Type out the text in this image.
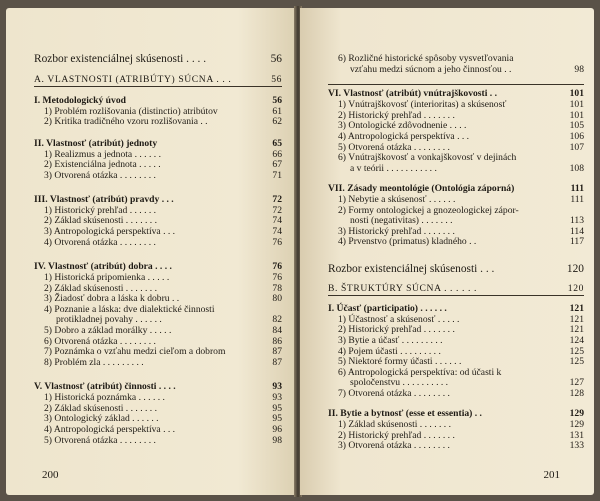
Rozbor existenciálnej skúsenosti . . . .	56
A. VLASTNOSTI (ATRIBÚTY) SÚCNA . . .	56
I. Metodologický úvod	56
1) Problém rozlišovania (distinctio) atribútov	61
2) Kritika tradičného vzoru rozlišovania . .	62
II. Vlastnosť (atribút) jednoty	65
1) Realizmus a jednota . . . . . .	66
2) Existenciálna jednota . . . . .	67
3) Otvorená otázka . . . . . . . .	71
III. Vlastnosť (atribút) pravdy . . .	72
1) Historický prehľad . . . . . .	72
2) Základ skúsenosti . . . . . . .	74
3) Antropologická perspektíva . . .	74
4) Otvorená otázka . . . . . . . .	76
IV. Vlastnosť (atribút) dobra . . . .	76
1) Historická pripomienka . . . . .	76
2) Základ skúsenosti . . . . . . .	78
3) Žiadosť dobra a láska k dobru . .	80
4) Poznanie a láska: dve dialektické činnosti
protikladnej povahy . . . . . .	82
5) Dobro a základ morálky . . . . .	84
6) Otvorená otázka . . . . . . . .	86
7) Poznámka o vzťahu medzi cieľom a dobrom	87
8) Problém zla . . . . . . . . .	87
V. Vlastnosť (atribút) činnosti . . . .	93
1) Historická poznámka . . . . . .	93
2) Základ skúsenosti . . . . . . .	95
3) Ontologický základ . . . . . .	95
4) Antropologická perspektíva . . .	96
5) Otvorená otázka . . . . . . . .	98
200
6) Rozličné historické spôsoby vysvetľovania
vzťahu medzi súcnom a jeho činnosťou . .	98
VI. Vlastnosť (atribút) vnútrajškovosti . .	101
1) Vnútrajškovosť (interioritas) a skúsenosť	101
2) Historický prehľad . . . . . . .	101
3) Ontologické zdôvodnenie . . . .	105
4) Antropologická perspektíva . . .	106
5) Otvorená otázka . . . . . . . .	107
6) Vnútrajškovosť a vonkajškovosť v dejinách
a v teórii . . . . . . . . . . .	108
VII. Zásady meontológie (Ontológia záporná)	111
1) Nebytie a skúsenosť . . . . . .	111
2) Formy ontologickej a gnozeologickej zápor-
nosti (negativitas) . . . . . . .	113
3) Historický prehľad . . . . . . .	114
4) Prvenstvo (primatus) kladného . .	117
Rozbor existenciálnej skúsenosti . . .	120
B. ŠTRUKTÚRY SÚCNA . . . . . .	120
I. Účasť (participatio) . . . . . .	121
1) Účastnosť a skúsenosť . . . . .	121
2) Historický prehľad . . . . . . .	121
3) Bytie a účasť . . . . . . . . .	124
4) Pojem účasti . . . . . . . . .	125
5) Niektoré formy účasti . . . . . .	125
6) Antropologická perspektíva: od účasti k
spoločenstvu . . . . . . . . . .	127
7) Otvorená otázka . . . . . . . .	128
II. Bytie a bytnosť (esse et essentia) . .	129
1) Základ skúsenosti . . . . . . .	129
2) Historický prehľad . . . . . . .	131
3) Otvorená otázka . . . . . . . .	133
201
